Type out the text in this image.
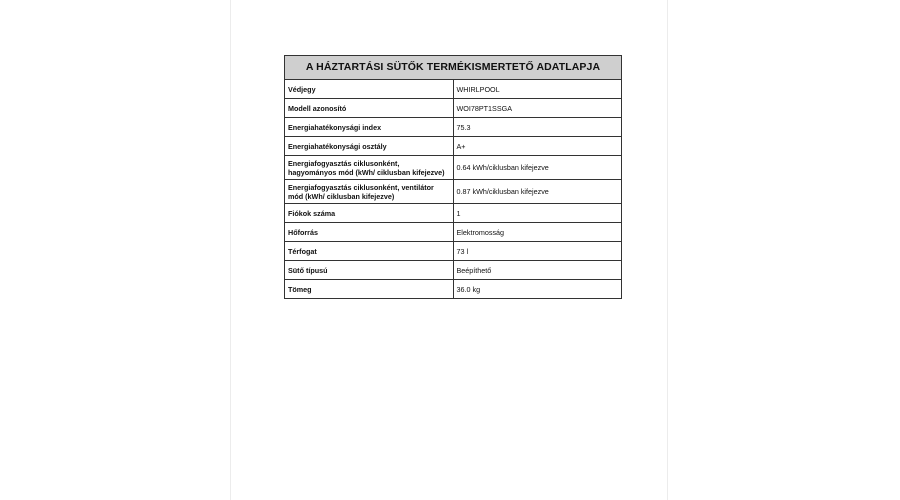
A HÁZTARTÁSI SÜTŐK TERMÉKISMERTETŐ ADATLAPJA	
Védjegy	WHIRLPOOL
Modell azonosító	WOI78PT1SSGA
Energiahatékonysági index	75.3
Energiahatékonysági osztály	A+
Energiafogyasztás ciklusonként, hagyományos mód (kWh/ ciklusban kifejezve)	0.64 kWh/ciklusban kifejezve
Energiafogyasztás ciklusonként, ventilátor mód (kWh/ ciklusban kifejezve)	0.87 kWh/ciklusban kifejezve
Fiókok száma	1
Hőforrás	Elektromosság
Térfogat	73 l
Sütő típusú	Beépíthető
Tömeg	36.0 kg
